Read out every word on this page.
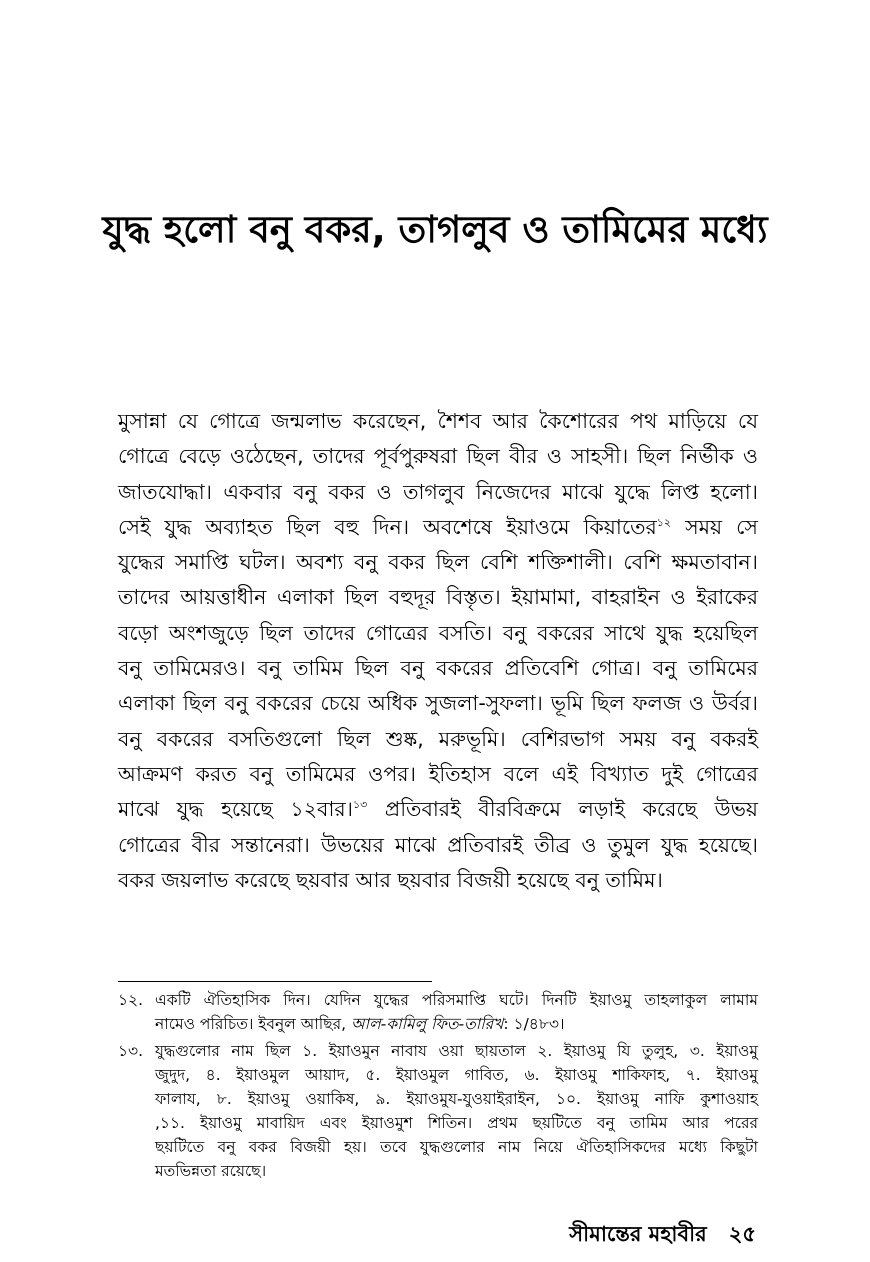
যুদ্ধ হলো বনু বকর, তাগলুব ও তামিমের মধ্যে
মুসান্না যে গোত্রে জন্মলাভ করেছেন, শৈশব আর কৈশোরের পথ মাড়িয়ে যে
গোত্রে বেড়ে ওঠেছেন, তাদের পূর্বপুরুষরা ছিল বীর ও সাহসী। ছিল নির্ভীক ও
জাতযোদ্ধা। একবার বনু বকর ও তাগলুব নিজেদের মাঝে যুদ্ধে লিপ্ত হলো।
সেই যুদ্ধ অব্যাহত ছিল বহু দিন। অবশেষে ইয়াওমে কিয়াতের$^{১২}$ সময় সে
যুদ্ধের সমাপ্তি ঘটল। অবশ্য বনু বকর ছিল বেশি শক্তিশালী। বেশি ক্ষমতাবান।
তাদের আয়ত্তাধীন এলাকা ছিল বহুদূর বিস্তৃত। ইয়ামামা, বাহরাইন ও ইরাকের
বড়ো অংশজুড়ে ছিল তাদের গোত্রের বসতি। বনু বকরের সাথে যুদ্ধ হয়েছিল
বনু তামিমেরও। বনু তামিম ছিল বনু বকরের প্রতিবেশি গোত্র। বনু তামিমের
এলাকা ছিল বনু বকরের চেয়ে অধিক সুজলা-সুফলা। ভূমি ছিল ফলজ ও উর্বর।
বনু বকরের বসতিগুলো ছিল শুষ্ক, মরুভূমি। বেশিরভাগ সময় বনু বকরই
আক্রমণ করত বনু তামিমের ওপর। ইতিহাস বলে এই বিখ্যাত দুই গোত্রের
মাঝে যুদ্ধ হয়েছে ১২বার।$^{১৩}$ প্রতিবারই বীরবিক্রমে লড়াই করেছে উভয়
গোত্রের বীর সন্তানেরা। উভয়ের মাঝে প্রতিবারই তীব্র ও তুমুল যুদ্ধ হয়েছে।
বকর জয়লাভ করেছে ছয়বার আর ছয়বার বিজয়ী হয়েছে বনু তামিম।
১২. একটি ঐতিহাসিক দিন। যেদিন যুদ্ধের পরিসমাপ্তি ঘটে। দিনটি ইয়াওমু তাহলাকুল লামাম
নামেও পরিচিত। ইবনুল আছির, আল-কামিলু ফিত-তারিখ: ১/৪৮৩।
১৩. যুদ্ধগুলোর নাম ছিল ১. ইয়াওমুন নাবায ওয়া ছায়তাল ২. ইয়াওমু যি তুলুহ, ৩. ইয়াওমু
জুদুদ, ৪. ইয়াওমুল আয়াদ, ৫. ইয়াওমুল গাবিত, ৬. ইয়াওমু শাকিফাহ, ৭. ইয়াওমু
ফালায, ৮. ইয়াওমু ওয়াকিষ, ৯. ইয়াওমুয-যুওয়াইরাইন, ১০. ইয়াওমু নাফি কুশাওয়াহ
,১১. ইয়াওমু মাবায়িদ এবং ইয়াওমুশ শিতিন। প্রথম ছয়টিতে বনু তামিম আর পরের
ছয়টিতে বনু বকর বিজয়ী হয়। তবে যুদ্ধগুলোর নাম নিয়ে ঐতিহাসিকদের মধ্যে কিছুটা
মতভিন্নতা রয়েছে।
সীমান্তের মহাবীর ২৫
